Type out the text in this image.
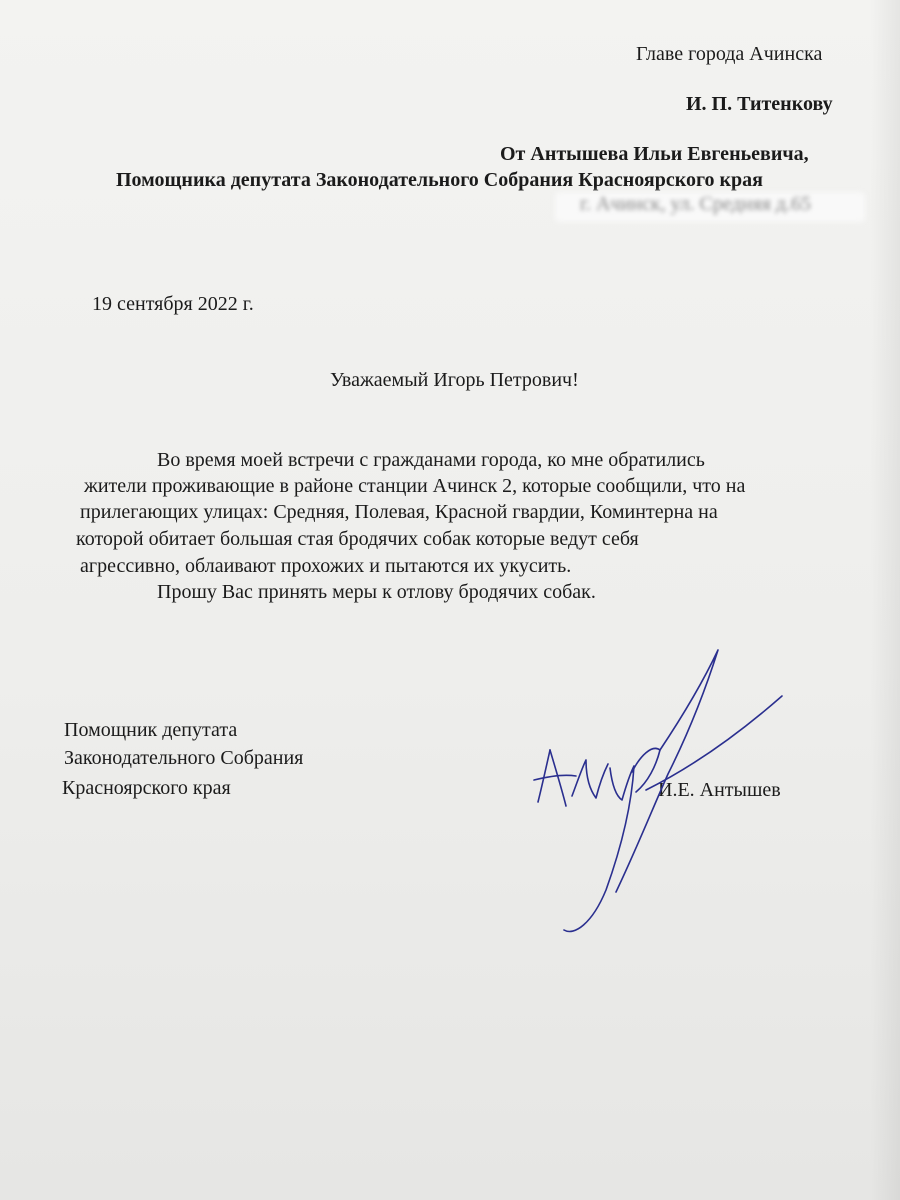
Главе города Ачинска
И. П. Титенкову
От Антышева Ильи Евгеньевича,
Помощника депутата Законодательного Собрания Красноярского края
г. Ачинск, ул. Средняя д.65
19 сентября 2022 г.
Уважаемый Игорь Петрович!
Во время моей встречи с гражданами города, ко мне обратились
жители проживающие в районе станции Ачинск 2, которые сообщили, что на
прилегающих улицах: Средняя, Полевая, Красной гвардии, Коминтерна на
которой обитает большая стая бродячих собак которые ведут себя
агрессивно, облаивают прохожих и пытаются их укусить.
Прошу Вас принять меры к отлову бродячих собак.
Помощник депутата
Законодательного Собрания
Красноярского края	И.Е. Антышев
